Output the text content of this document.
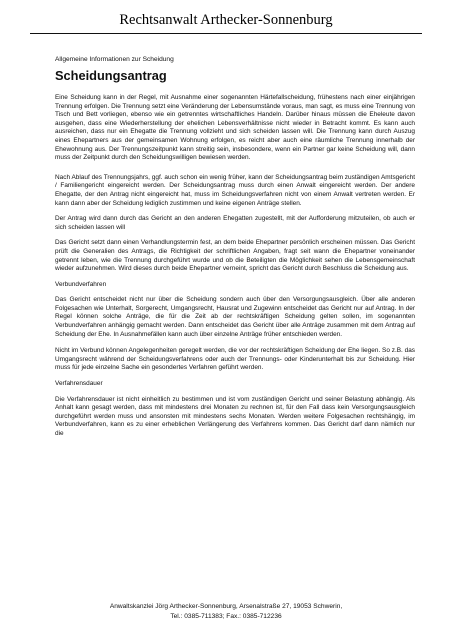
Rechtsanwalt Arthecker-Sonnenburg
Allgemeine Informationen zur Scheidung
Scheidungsantrag

Eine Scheidung kann in der Regel, mit Ausnahme einer sogenannten Härtefallscheidung, frühestens nach einer einjährigen Trennung erfolgen. Die Trennung setzt eine Veränderung der Lebensumstände voraus, man sagt, es muss eine Trennung von Tisch und Bett vorliegen, ebenso wie ein getrenntes wirtschaftliches Handeln. Darüber hinaus müssen die Eheleute davon ausgehen, dass eine Wiederherstellung der ehelichen Lebensverhältnisse nicht wieder in Betracht kommt. Es kann auch ausreichen, dass nur ein Ehegatte die Trennung vollzieht und sich scheiden lassen will. Die Trennung kann durch Auszug eines Ehepartners aus der gemeinsamen Wohnung erfolgen, es reicht aber auch eine räumliche Trennung innerhalb der Ehewohnung aus. Der Trennungszeitpunkt kann streitig sein, insbesondere, wenn ein Partner gar keine Scheidung will, dann muss der Zeitpunkt durch den Scheidungswilligen bewiesen werden.

Nach Ablauf des Trennungsjahrs, ggf. auch schon ein wenig früher, kann der Scheidungsantrag beim zuständigen Amtsgericht / Familiengericht eingereicht werden. Der Scheidungsantrag muss durch einen Anwalt eingereicht werden. Der andere Ehegatte, der den Antrag nicht eingereicht hat, muss im Scheidungsverfahren nicht von einem Anwalt vertreten werden. Er kann dann aber der Scheidung lediglich zustimmen und keine eigenen Anträge stellen.

Der Antrag wird dann durch das Gericht an den anderen Ehegatten zugestellt, mit der Aufforderung mitzuteilen, ob auch er sich scheiden lassen will

Das Gericht setzt dann einen Verhandlungstermin fest, an dem beide Ehepartner persönlich erscheinen müssen. Das Gericht prüft die Generalien des Antrags, die Richtigkeit der schriftlichen Angaben, fragt seit wann die Ehepartner voneinander getrennt leben, wie die Trennung durchgeführt wurde und ob die Beteiligten die Möglichkeit sehen die Lebensgemeinschaft wieder aufzunehmen. Wird dieses durch beide Ehepartner verneint, spricht das Gericht durch Beschluss die Scheidung aus.

Verbundverfahren

Das Gericht entscheidet nicht nur über die Scheidung sondern auch über den Versorgungsausgleich. Über alle anderen Folgesachen wie Unterhalt, Sorgerecht, Umgangsrecht, Hausrat und Zugewinn entscheidet das Gericht nur auf Antrag. In der Regel können solche Anträge, die für die Zeit ab der rechtskräftigen Scheidung gelten sollen, im sogenannten Verbundverfahren anhängig gemacht werden. Dann entscheidet das Gericht über alle Anträge zusammen mit dem Antrag auf Scheidung der Ehe. In Ausnahmefällen kann auch über einzelne Anträge früher entschieden werden.

Nicht im Verbund können Angelegenheiten geregelt werden, die vor der rechtskräftigen Scheidung der Ehe liegen. So z.B. das Umgangsrecht während der Scheidungsverfahrens oder auch der Trennungs- oder Kinderunterhalt bis zur Scheidung. Hier muss für jede einzelne Sache ein gesondertes Verfahren geführt werden.

Verfahrensdauer

Die Verfahrensdauer ist nicht einheitlich zu bestimmen und ist vom zuständigen Gericht und seiner Belastung abhängig. Als Anhalt kann gesagt werden, dass mit mindestens drei Monaten zu rechnen ist, für den Fall dass kein Versorgungsausgleich durchgeführt werden muss und ansonsten mit mindestens sechs Monaten. Werden weitere Folgesachen rechtshängig, im Verbundverfahren, kann es zu einer erheblichen Verlängerung des Verfahrens kommen. Das Gericht darf dann nämlich nur die

Anwaltskanzlei Jörg Arthecker-Sonnenburg, Arsenalstraße 27, 19053 Schwerin,
Tel.: 0385-711383; Fax.: 0385-712236
